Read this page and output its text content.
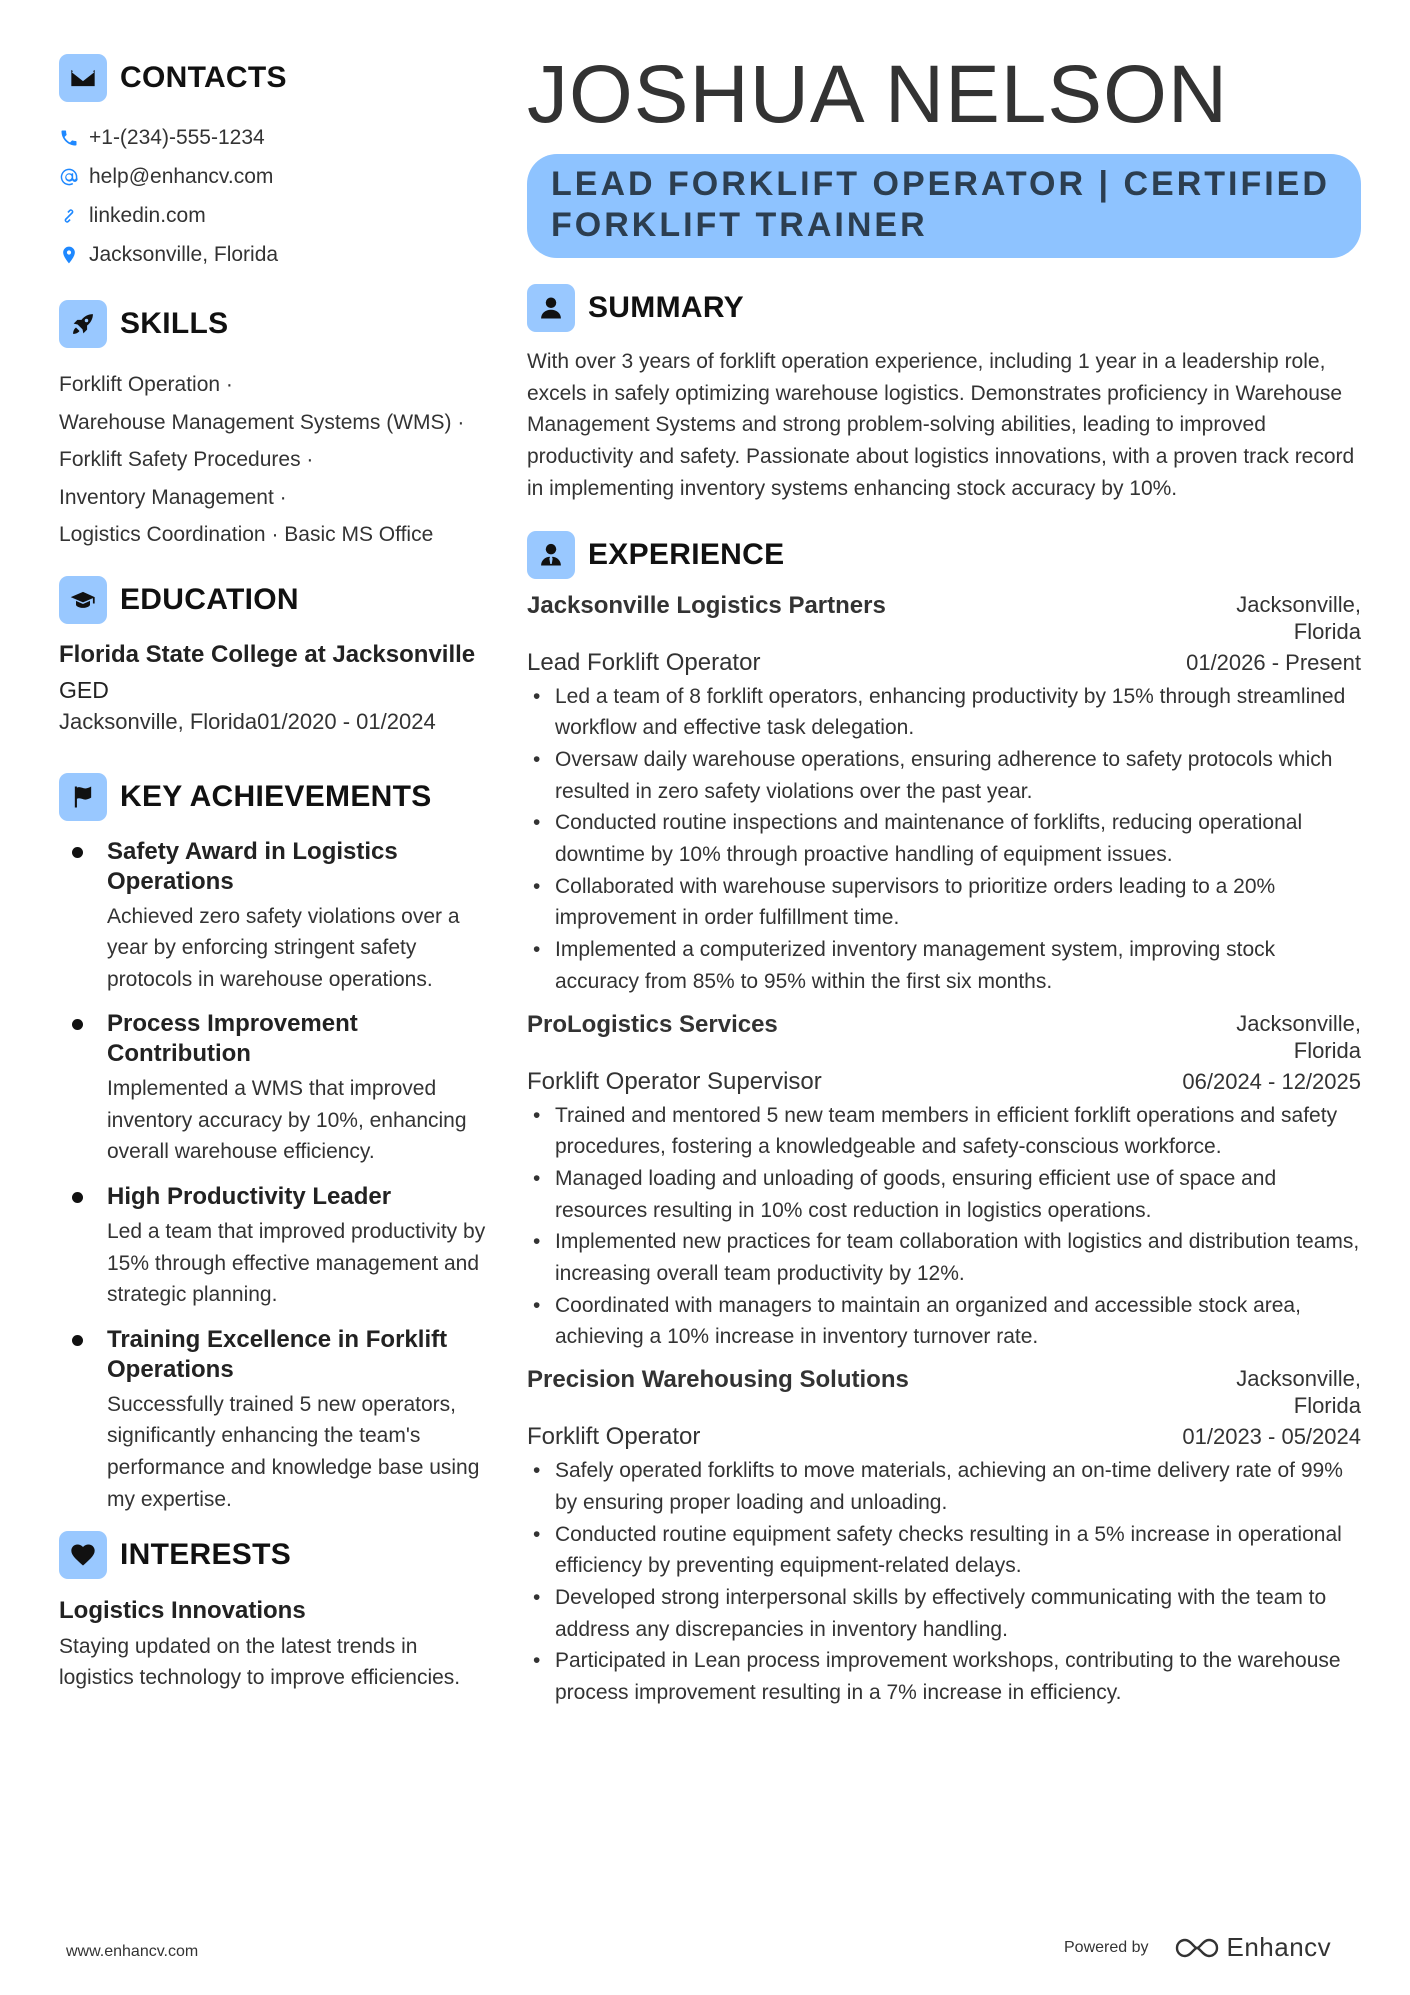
CONTACTS
+1-(234)-555-1234
help@enhancv.com
linkedin.com
Jacksonville, Florida
SKILLS
Forklift Operation ·
Warehouse Management Systems (WMS) ·
Forklift Safety Procedures ·
Inventory Management ·
Logistics Coordination · Basic MS Office
EDUCATION
Florida State College at Jacksonville
GED
Jacksonville, Florida01/2020 - 01/2024
KEY ACHIEVEMENTS
Safety Award in Logistics Operations
Achieved zero safety violations over a year by enforcing stringent safety protocols in warehouse operations.
Process Improvement Contribution
Implemented a WMS that improved inventory accuracy by 10%, enhancing overall warehouse efficiency.
High Productivity Leader
Led a team that improved productivity by 15% through effective management and strategic planning.
Training Excellence in Forklift Operations
Successfully trained 5 new operators, significantly enhancing the team's performance and knowledge base using my expertise.
INTERESTS
Logistics Innovations
Staying updated on the latest trends in logistics technology to improve efficiencies.
JOSHUA NELSON
LEAD FORKLIFT OPERATOR | CERTIFIED FORKLIFT TRAINER
SUMMARY

With over 3 years of forklift operation experience, including 1 year in a leadership role, excels in safely optimizing warehouse logistics. Demonstrates proficiency in Warehouse Management Systems and strong problem-solving abilities, leading to improved productivity and safety. Passionate about logistics innovations, with a proven track record in implementing inventory systems enhancing stock accuracy by 10%.

EXPERIENCE
Jacksonville Logistics Partners	Jacksonville, Florida
Lead Forklift Operator	01/2026 - Present
• Led a team of 8 forklift operators, enhancing productivity by 15% through streamlined workflow and effective task delegation.
• Oversaw daily warehouse operations, ensuring adherence to safety protocols which resulted in zero safety violations over the past year.
• Conducted routine inspections and maintenance of forklifts, reducing operational downtime by 10% through proactive handling of equipment issues.
• Collaborated with warehouse supervisors to prioritize orders leading to a 20% improvement in order fulfillment time.
• Implemented a computerized inventory management system, improving stock accuracy from 85% to 95% within the first six months.
ProLogistics Services	Jacksonville, Florida
Forklift Operator Supervisor	06/2024 - 12/2025
• Trained and mentored 5 new team members in efficient forklift operations and safety procedures, fostering a knowledgeable and safety-conscious workforce.
• Managed loading and unloading of goods, ensuring efficient use of space and resources resulting in 10% cost reduction in logistics operations.
• Implemented new practices for team collaboration with logistics and distribution teams, increasing overall team productivity by 12%.
• Coordinated with managers to maintain an organized and accessible stock area, achieving a 10% increase in inventory turnover rate.
Precision Warehousing Solutions	Jacksonville, Florida
Forklift Operator	01/2023 - 05/2024
• Safely operated forklifts to move materials, achieving an on-time delivery rate of 99% by ensuring proper loading and unloading.
• Conducted routine equipment safety checks resulting in a 5% increase in operational efficiency by preventing equipment-related delays.
• Developed strong interpersonal skills by effectively communicating with the team to address any discrepancies in inventory handling.
• Participated in Lean process improvement workshops, contributing to the warehouse process improvement resulting in a 7% increase in efficiency.
www.enhancv.com	Powered by	Enhancv
